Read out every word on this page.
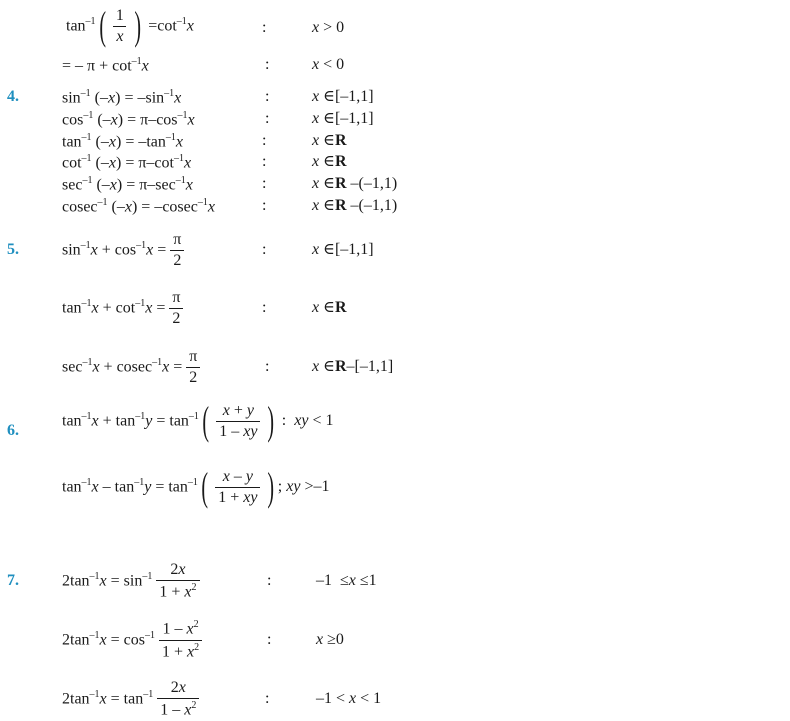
$\tan^{-1}$ ( $\frac{1}{x}$ ) $=\cot^{-1}x$	:	x > 0
= – $\pi + \cot^{-1}x$	:	x < 0
4.	$\sin^{-1} (-x) = -\sin^{-1}x$	:	x ∈[–1,1]
$\cos^{-1} (-x) = \pi-\cos^{-1}x$	:	x ∈[–1,1]
$\tan^{-1} (-x) = -\tan^{-1}x$	:	x ∈R
$\cot^{-1} (-x) = \pi-\cot^{-1}x$	:	x ∈R
$\sec^{-1} (-x) = \pi-\sec^{-1}x$	:	x ∈R –(–1,1)
cosec$^{-1}$ (–x) = –cosec$^{-1}$x	:	x ∈R –(–1,1)
5.	$\sin^{-1}x + \cos^{-1}x = \frac{\pi}{2}$	:	x ∈[–1,1]
$\tan^{-1}x + \cot^{-1}x = \frac{\pi}{2}$	:	x ∈R
$\sec^{-1}x + cosec^{-1}x = \frac{\pi}{2}$	:	x ∈R–[–1,1]
6.
$\tan^{-1}x + \tan^{-1}y = \tan^{-1}$ ( $\frac{x + y}{1 - xy}$ ) :  xy < 1
$\tan^{-1}x - \tan^{-1}y = \tan^{-1}$ ( $\frac{x - y}{1 + xy}$ ) ; xy >–1
7.	$2\tan^{-1}x = \sin^{-1} \frac{2x}{1 + x^2}$	:	–1  ≤x ≤1
$2\tan^{-1}x = \cos^{-1} \frac{1 - x^2}{1 + x^2}$	:	x ≥0
$2\tan^{-1}x = \tan^{-1} \frac{2x}{1 - x^2}$	:	–1 < x < 1
